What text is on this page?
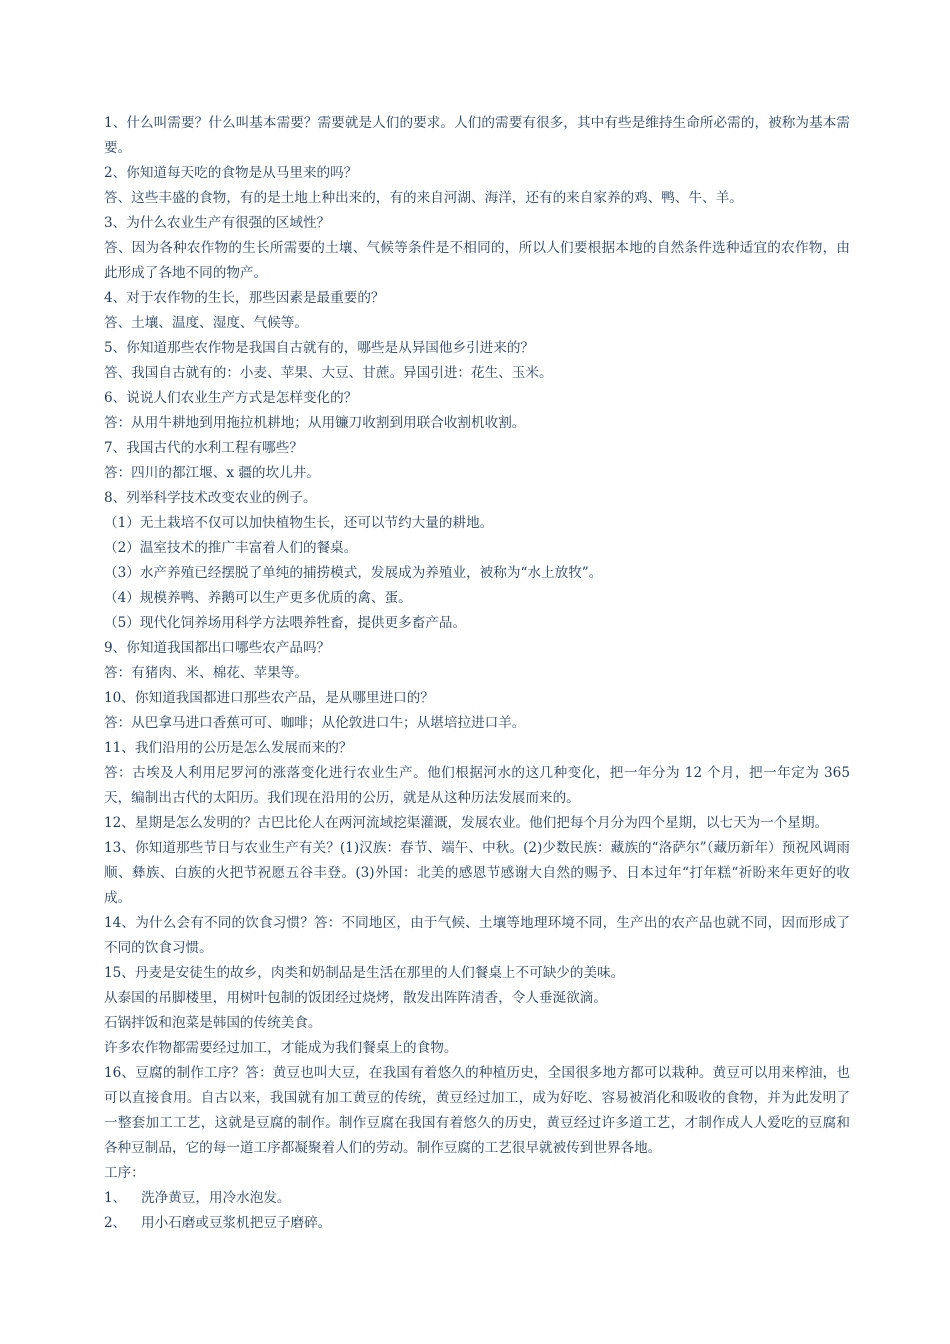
1、什么叫需要？什么叫基本需要？需要就是人们的要求。人们的需要有很多，其中有些是维持生命所必需的，被称为基本需要。
2、你知道每天吃的食物是从马里来的吗？
答、这些丰盛的食物，有的是土地上种出来的，有的来自河湖、海洋，还有的来自家养的鸡、鸭、牛、羊。
3、为什么农业生产有很强的区域性？
答、因为各种农作物的生长所需要的土壤、气候等条件是不相同的，所以人们要根据本地的自然条件选种适宜的农作物，由此形成了各地不同的物产。
4、对于农作物的生长，那些因素是最重要的？
答、土壤、温度、湿度、气候等。
5、你知道那些农作物是我国自古就有的，哪些是从异国他乡引进来的？
答、我国自古就有的：小麦、苹果、大豆、甘蔗。异国引进：花生、玉米。
6、说说人们农业生产方式是怎样变化的？
答：从用牛耕地到用拖拉机耕地；从用镰刀收割到用联合收割机收割。
7、我国古代的水利工程有哪些？
答：四川的都江堰、x 疆的坎儿井。
8、列举科学技术改变农业的例子。
（1）无土栽培不仅可以加快植物生长，还可以节约大量的耕地。
（2）温室技术的推广丰富着人们的餐桌。
（3）水产养殖已经摆脱了单纯的捕捞模式，发展成为养殖业，被称为“水上放牧”。
（4）规模养鸭、养鹅可以生产更多优质的禽、蛋。
（5）现代化饲养场用科学方法喂养牲畜，提供更多畜产品。
9、你知道我国都出口哪些农产品吗？
答：有猪肉、米、棉花、苹果等。
10、你知道我国都进口那些农产品，是从哪里进口的？
答：从巴拿马进口香蕉可可、咖啡；从伦敦进口牛；从堪培拉进口羊。
11、我们沿用的公历是怎么发展而来的？
答：古埃及人利用尼罗河的涨落变化进行农业生产。他们根据河水的这几种变化，把一年分为 12 个月，把一年定为 365 天，编制出古代的太阳历。我们现在沿用的公历，就是从这种历法发展而来的。
12、星期是怎么发明的？古巴比伦人在两河流域挖渠灌溉，发展农业。他们把每个月分为四个星期，以七天为一个星期。
13、你知道那些节日与农业生产有关？(1)汉族：春节、端午、中秋。(2)少数民族：藏族的“洛萨尔”（藏历新年）预祝风调雨顺、彝族、白族的火把节祝愿五谷丰登。(3)外国：北美的感恩节感谢大自然的赐予、日本过年“打年糕“祈盼来年更好的收成。
14、为什么会有不同的饮食习惯？答：不同地区，由于气候、土壤等地理环境不同，生产出的农产品也就不同，因而形成了不同的饮食习惯。
15、丹麦是安徒生的故乡，肉类和奶制品是生活在那里的人们餐桌上不可缺少的美味。
从泰国的吊脚楼里，用树叶包制的饭团经过烧烤，散发出阵阵清香，令人垂涎欲滴。
石锅拌饭和泡菜是韩国的传统美食。
许多农作物都需要经过加工，才能成为我们餐桌上的食物。
16、豆腐的制作工序？答：黄豆也叫大豆，在我国有着悠久的种植历史，全国很多地方都可以栽种。黄豆可以用来榨油，也可以直接食用。自古以来，我国就有加工黄豆的传统，黄豆经过加工，成为好吃、容易被消化和吸收的食物，并为此发明了一整套加工工艺，这就是豆腐的制作。制作豆腐在我国有着悠久的历史，黄豆经过许多道工艺，才制作成人人爱吃的豆腐和各种豆制品，它的每一道工序都凝聚着人们的劳动。制作豆腐的工艺很早就被传到世界各地。
工序：
1、	洗净黄豆，用冷水泡发。
2、	用小石磨或豆浆机把豆子磨碎。
